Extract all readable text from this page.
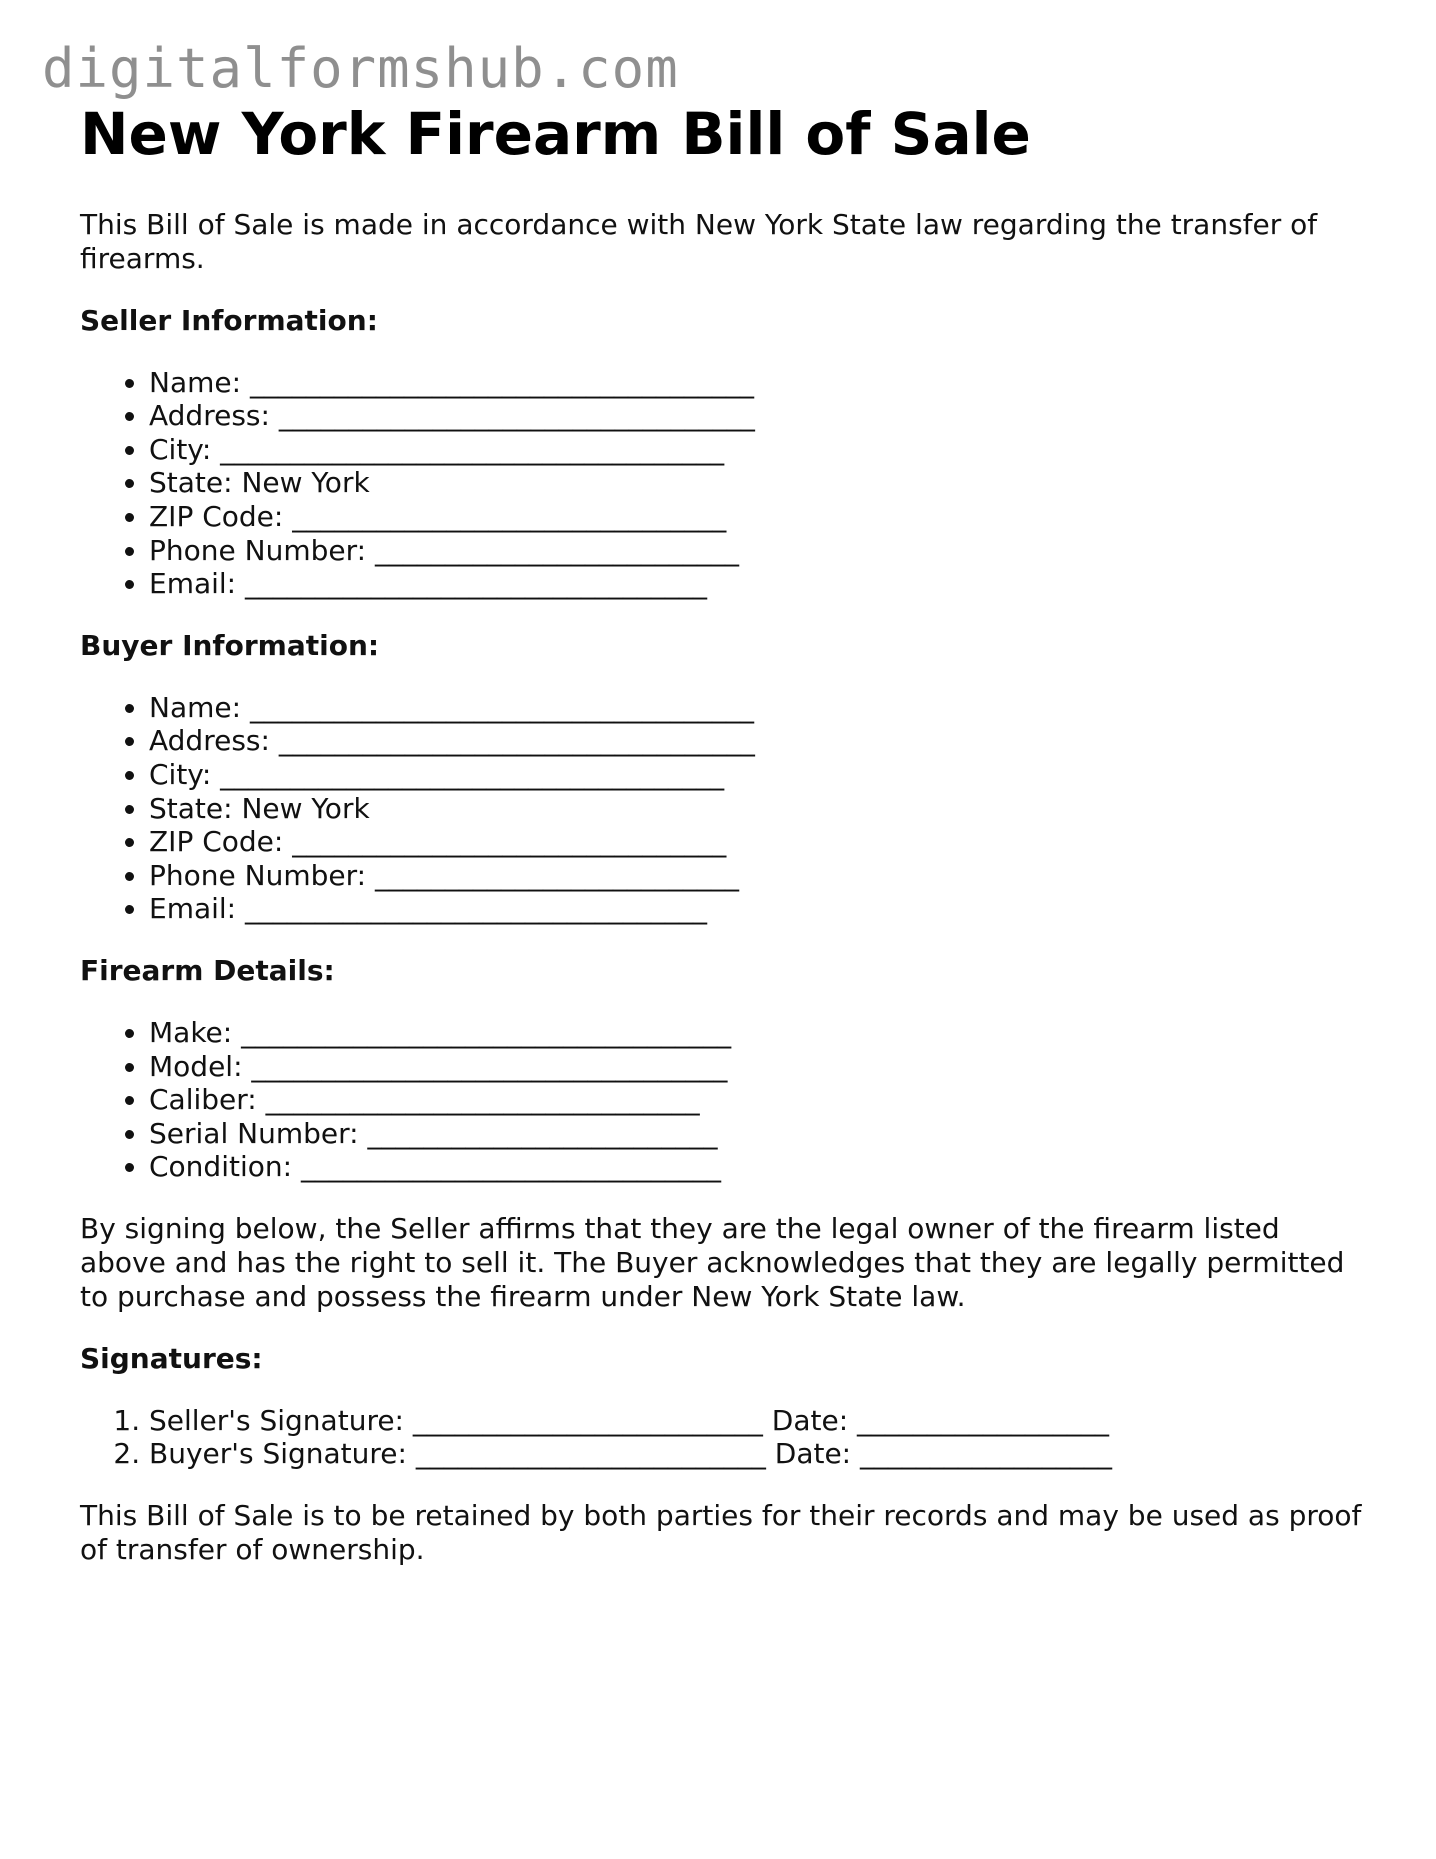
digitalformshub.com
New York Firearm Bill of Sale

This Bill of Sale is made in accordance with New York State law regarding the transfer of firearms.

Seller Information:
• Name: ____________________________________
• Address: __________________________________
• City: ____________________________________
• State: New York
• ZIP Code: _______________________________
• Phone Number: __________________________
• Email: _________________________________
Buyer Information:
• Name: ____________________________________
• Address: __________________________________
• City: ____________________________________
• State: New York
• ZIP Code: _______________________________
• Phone Number: __________________________
• Email: _________________________________
Firearm Details:
• Make: ___________________________________
• Model: __________________________________
• Caliber: _______________________________
• Serial Number: _________________________
• Condition: ______________________________

By signing below, the Seller affirms that they are the legal owner of the firearm listed above and has the right to sell it. The Buyer acknowledges that they are legally permitted to purchase and possess the firearm under New York State law.

Signatures:
1. Seller's Signature: _________________________ Date: __________________
2. Buyer's Signature: _________________________ Date: __________________

This Bill of Sale is to be retained by both parties for their records and may be used as proof of transfer of ownership.
